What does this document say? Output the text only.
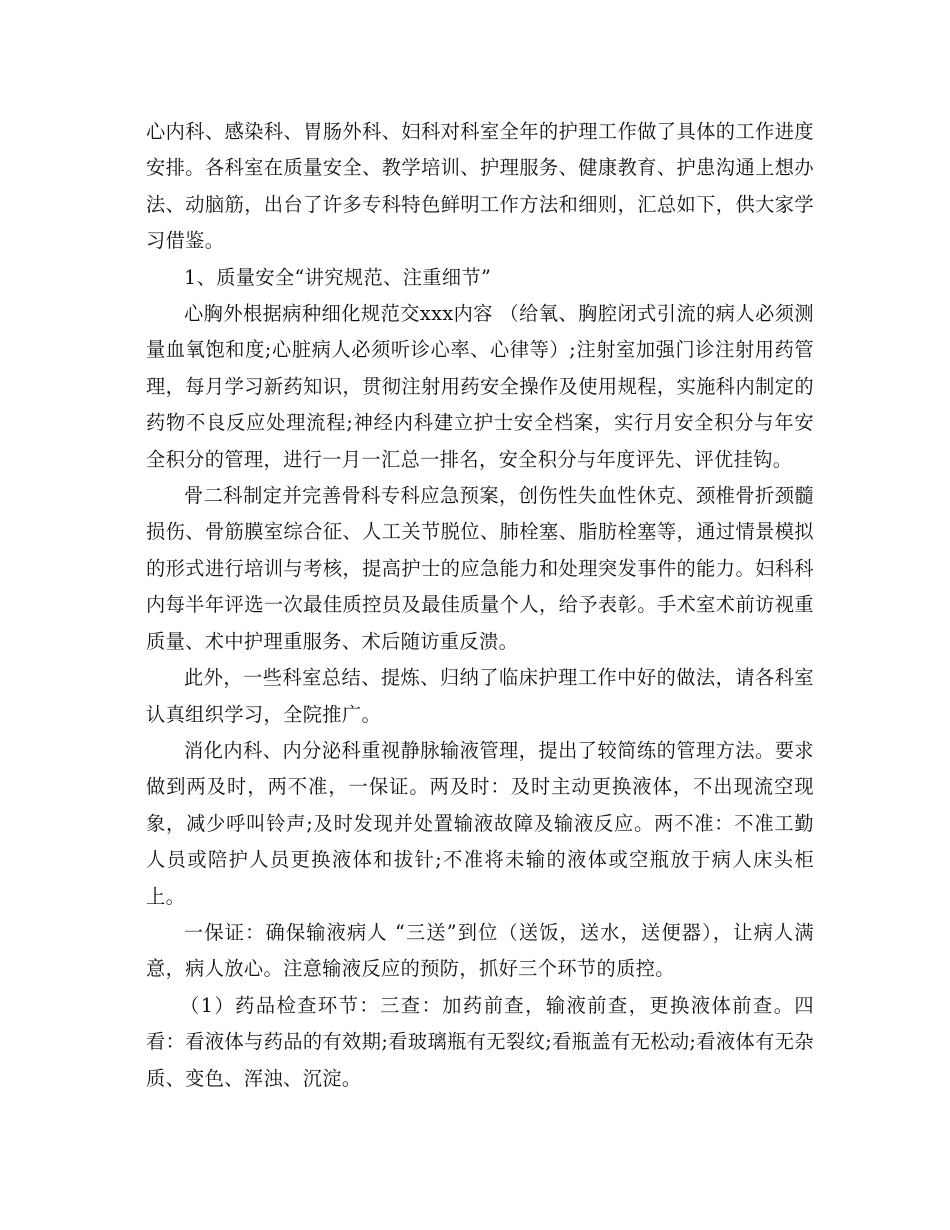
心内科、感染科、胃肠外科、妇科对科室全年的护理工作做了具体的工作进度安排。各科室在质量安全、教学培训、护理服务、健康教育、护患沟通上想办法、动脑筋，出台了许多专科特色鲜明工作方法和细则，汇总如下，供大家学习借鉴。

1、质量安全“讲究规范、注重细节”

心胸外根据病种细化规范交xxx内容 （给氧、胸腔闭式引流的病人必须测量血氧饱和度;心脏病人必须听诊心率、心律等）;注射室加强门诊注射用药管理，每月学习新药知识，贯彻注射用药安全操作及使用规程，实施科内制定的药物不良反应处理流程;神经内科建立护士安全档案，实行月安全积分与年安全积分的管理，进行一月一汇总一排名，安全积分与年度评先、评优挂钩。

骨二科制定并完善骨科专科应急预案，创伤性失血性休克、颈椎骨折颈髓损伤、骨筋膜室综合征、人工关节脱位、肺栓塞、脂肪栓塞等，通过情景模拟的形式进行培训与考核，提高护士的应急能力和处理突发事件的能力。妇科科内每半年评选一次最佳质控员及最佳质量个人，给予表彰。手术室术前访视重质量、术中护理重服务、术后随访重反溃。

此外，一些科室总结、提炼、归纳了临床护理工作中好的做法，请各科室认真组织学习，全院推广。

消化内科、内分泌科重视静脉输液管理，提出了较简练的管理方法。要求做到两及时，两不准，一保证。两及时：及时主动更换液体，不出现流空现象，减少呼叫铃声;及时发现并处置输液故障及输液反应。两不准：不准工勤人员或陪护人员更换液体和拔针;不准将未输的液体或空瓶放于病人床头柜上。

一保证：确保输液病人 “三送”到位（送饭，送水，送便器），让病人满意，病人放心。注意输液反应的预防，抓好三个环节的质控。

（1）药品检查环节：三查：加药前查，输液前查，更换液体前查。四看：看液体与药品的有效期;看玻璃瓶有无裂纹;看瓶盖有无松动;看液体有无杂质、变色、浑浊、沉淀。
